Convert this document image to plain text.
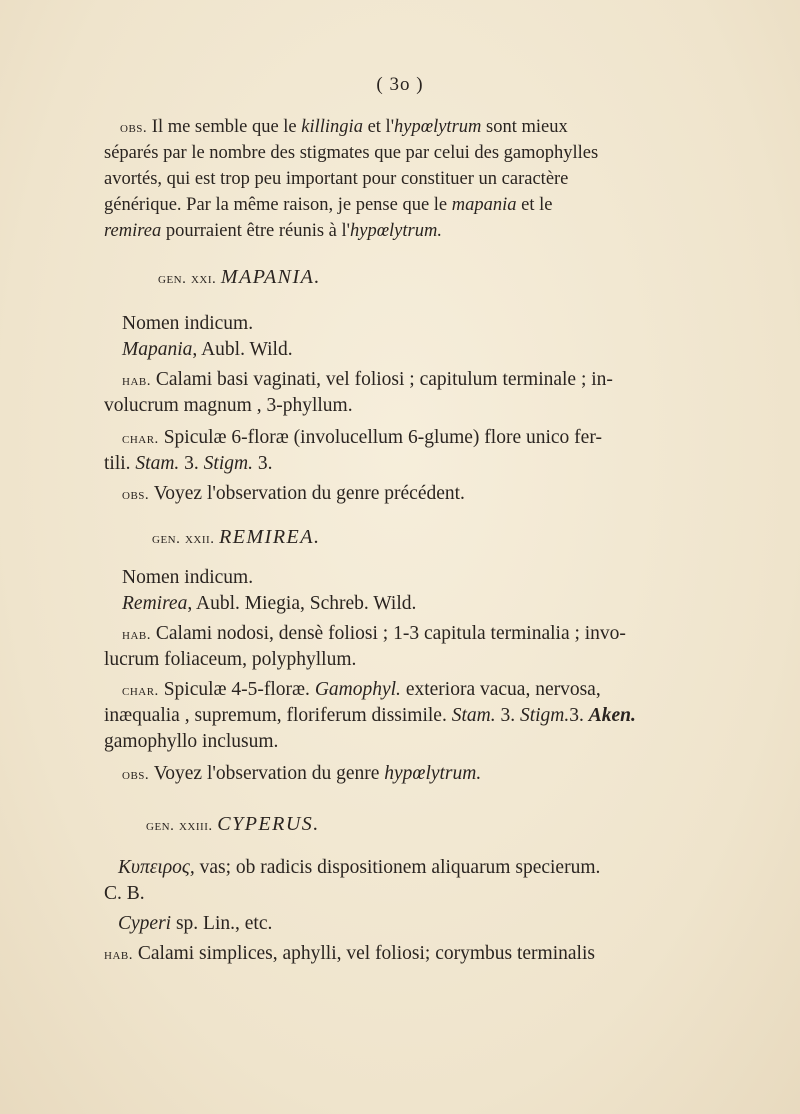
( 3o )
obs. Il me semble que le killingia et l'hypœlytrum sont mieux
séparés par le nombre des stigmates que par celui des gamophylles
avortés, qui est trop peu important pour constituer un caractère
générique. Par la même raison, je pense que le mapania et le
remirea pourraient être réunis à l'hypœlytrum.
gen. xxi. MAPANIA.
Nomen indicum.
Mapania, Aubl. Wild.
hab. Calami basi vaginati, vel foliosi ; capitulum terminale ; in-
volucrum magnum , 3-phyllum.
char. Spiculæ 6-floræ (involucellum 6-glume) flore unico fer-
tili. Stam. 3. Stigm. 3.
obs. Voyez l'observation du genre précédent.
gen. xxii. REMIREA.
Nomen indicum.
Remirea, Aubl. Miegia, Schreb. Wild.
hab. Calami nodosi, densè foliosi ; 1-3 capitula terminalia ; invo-
lucrum foliaceum, polyphyllum.
char. Spiculæ 4-5-floræ. Gamophyl. exteriora vacua, nervosa,
inæqualia , supremum, floriferum dissimile. Stam. 3. Stigm.3. Aken.
gamophyllo inclusum.
obs. Voyez l'observation du genre hypœlytrum.
gen. xxiii. CYPERUS.
Κυπειρος, vas; ob radicis dispositionem aliquarum specierum.
C. B.
Cyperi sp. Lin., etc.
hab. Calami simplices, aphylli, vel foliosi; corymbus terminalis
